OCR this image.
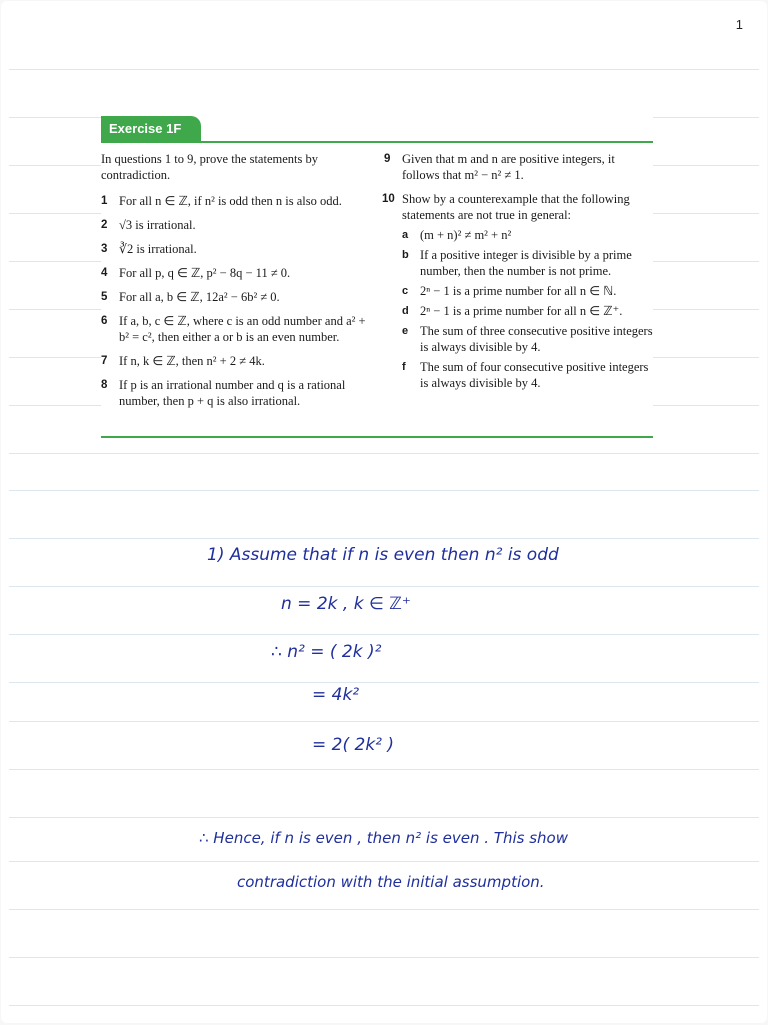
1
Exercise 1F
In questions 1 to 9, prove the statements by contradiction.
1 For all n ∈ ℤ, if n² is odd then n is also odd.
2 √3 is irrational.
3 ∛2 is irrational.
4 For all p, q ∈ ℤ, p² − 8q − 11 ≠ 0.
5 For all a, b ∈ ℤ, 12a² − 6b² ≠ 0.
6 If a, b, c ∈ ℤ, where c is an odd number and a² + b² = c², then either a or b is an even number.
7 If n, k ∈ ℤ, then n² + 2 ≠ 4k.
8 If p is an irrational number and q is a rational number, then p + q is also irrational.
9 Given that m and n are positive integers, it follows that m² − n² ≠ 1.
10 Show by a counterexample that the following statements are not true in general:
a (m + n)² ≠ m² + n²
b If a positive integer is divisible by a prime number, then the number is not prime.
c 2ⁿ − 1 is a prime number for all n ∈ ℕ.
d 2ⁿ − 1 is a prime number for all n ∈ ℤ⁺.
e The sum of three consecutive positive integers is always divisible by 4.
f The sum of four consecutive positive integers is always divisible by 4.
1) Assume that if n is even then n² is odd
n = 2k , k ∈ ℤ⁺
∴ n² = ( 2k )²
= 4k²
= 2( 2k² )
∴ Hence, if n is even , then n² is even . This show
contradiction with the initial assumption.
